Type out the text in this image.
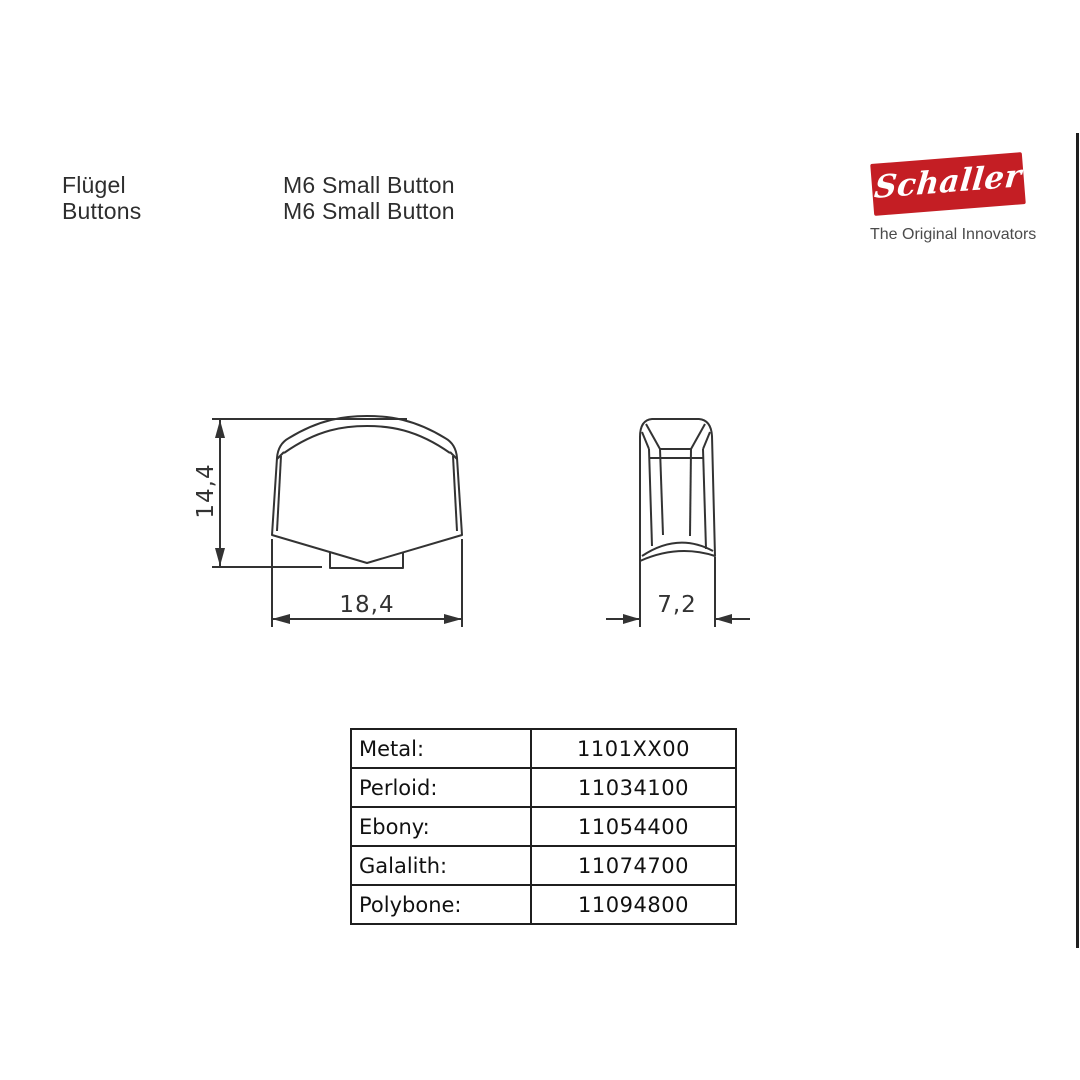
Flügel
Buttons
M6 Small Button
M6 Small Button
Schaller
The Original Innovators
14,4
18,4	7,2
Metal:	1101XX00
Perloid:	11034100
Ebony:	11054400
Galalith:	11074700
Polybone:	11094800
